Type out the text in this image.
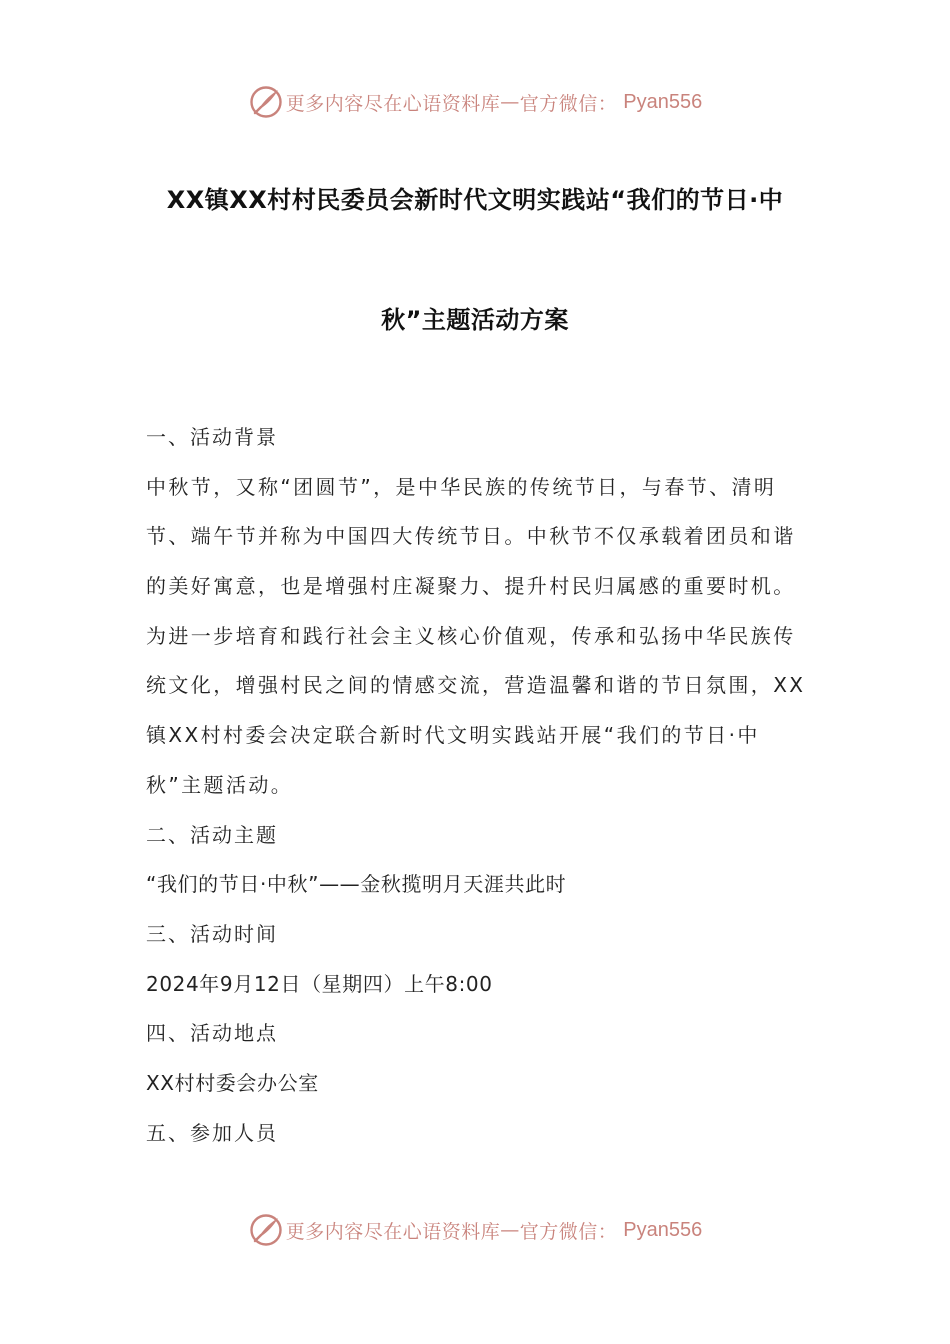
更多内容尽在心语资料库 — 官方微信： Pyan556
XX镇XX村村民委员会新时代文明实践站“我们的节日·中
秋”主题活动方案
一、活动背景
中秋节，又称“团圆节”，是中华民族的传统节日，与春节、清明
节、端午节并称为中国四大传统节日。中秋节不仅承载着团员和谐
的美好寓意，也是增强村庄凝聚力、提升村民归属感的重要时机。
为进一步培育和践行社会主义核心价值观，传承和弘扬中华民族传
统文化，增强村民之间的情感交流，营造温馨和谐的节日氛围，XX
镇XX村村委会决定联合新时代文明实践站开展“我们的节日·中
秋”主题活动。
二、活动主题
“我们的节日·中秋”——金秋揽明月天涯共此时
三、活动时间
2024年9月12日（星期四）上午8:00
四、活动地点
XX村村委会办公室
五、参加人员
更多内容尽在心语资料库 — 官方微信： Pyan556
